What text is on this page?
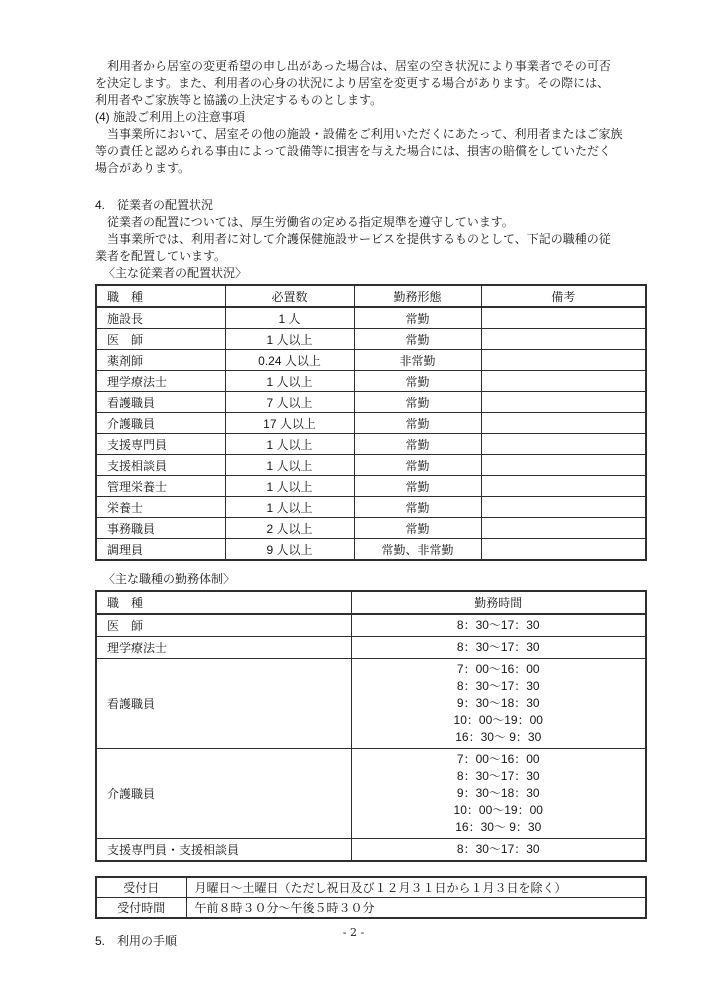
　利用者から居室の変更希望の申し出があった場合は、居室の空き状況により事業者でその可否
を決定します。また、利用者の心身の状況により居室を変更する場合があります。その際には、
利用者やご家族等と協議の上決定するものとします。
(4) 施設ご利用上の注意事項
　当事業所において、居室その他の施設・設備をご利用いただくにあたって、利用者またはご家族
等の責任と認められる事由によって設備等に損害を与えた場合には、損害の賠償をしていただく
場合があります。
4.　従業者の配置状況
　従業者の配置については、厚生労働省の定める指定規準を遵守しています。
　当事業所では、利用者に対して介護保健施設サービスを提供するものとして、下記の職種の従
業者を配置しています。
〈主な従業者の配置状況〉
職　種	必置数	勤務形態	備考
施設長	1 人	常勤	
医　師	1 人以上	常勤	
薬剤師	0.24 人以上	非常勤	
理学療法士	1 人以上	常勤	
看護職員	7 人以上	常勤	
介護職員	17 人以上	常勤	
支援専門員	1 人以上	常勤	
支援相談員	1 人以上	常勤	
管理栄養士	1 人以上	常勤	
栄養士	1 人以上	常勤	
事務職員	2 人以上	常勤	
調理員	9 人以上	常勤、非常勤	
〈主な職種の勤務体制〉
職　種	勤務時間
医　師	8：30～17：30

理学療法士	8：30～17：30

看護職員	7：00～16：00
8：30～17：30
9：30～18：30
10：00～19：00
16：30～ 9：30

介護職員	7：00～16：00
8：30～17：30
9：30～18：30
10：00～19：00
16：30～ 9：30

支援専門員・支援相談員	8：30～17：30
受付日	月曜日～土曜日（ただし祝日及び１２月３１日から１月３日を除く）
受付時間	午前８時３０分～午後５時３０分
5.　利用の手順
- 2 -
